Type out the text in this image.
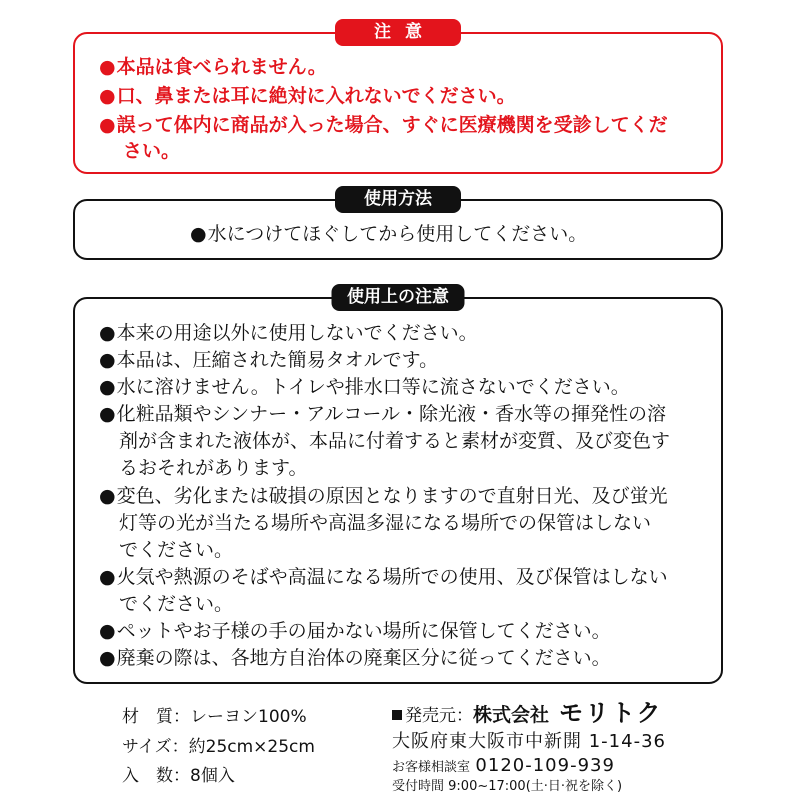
注意
●本品は食べられません。
●口、鼻または耳に絶対に入れないでください。
●誤って体内に商品が入った場合、すぐに医療機関を受診してくだ
さい。
使用方法
●水につけてほぐしてから使用してください。
使用上の注意
●本来の用途以外に使用しないでください。
●本品は、圧縮された簡易タオルです。
●水に溶けません。トイレや排水口等に流さないでください。
●化粧品類やシンナー・アルコール・除光液・香水等の揮発性の溶
剤が含まれた液体が、本品に付着すると素材が変質、及び変色す
るおそれがあります。
●変色、劣化または破損の原因となりますので直射日光、及び蛍光
灯等の光が当たる場所や高温多湿になる場所での保管はしない
でください。
●火気や熱源のそばや高温になる場所での使用、及び保管はしない
でください。
●ペットやお子様の手の届かない場所に保管してください。
●廃棄の際は、各地方自治体の廃棄区分に従ってください。
材　質：レーヨン100%
サイズ：約25cm×25cm
入　数：8個入
発売元：株式会社 モリトク
大阪府東大阪市中新開 1-14-36
お客様相談室 0120-109-939
受付時間 9:00~17:00(土·日·祝を除く)
